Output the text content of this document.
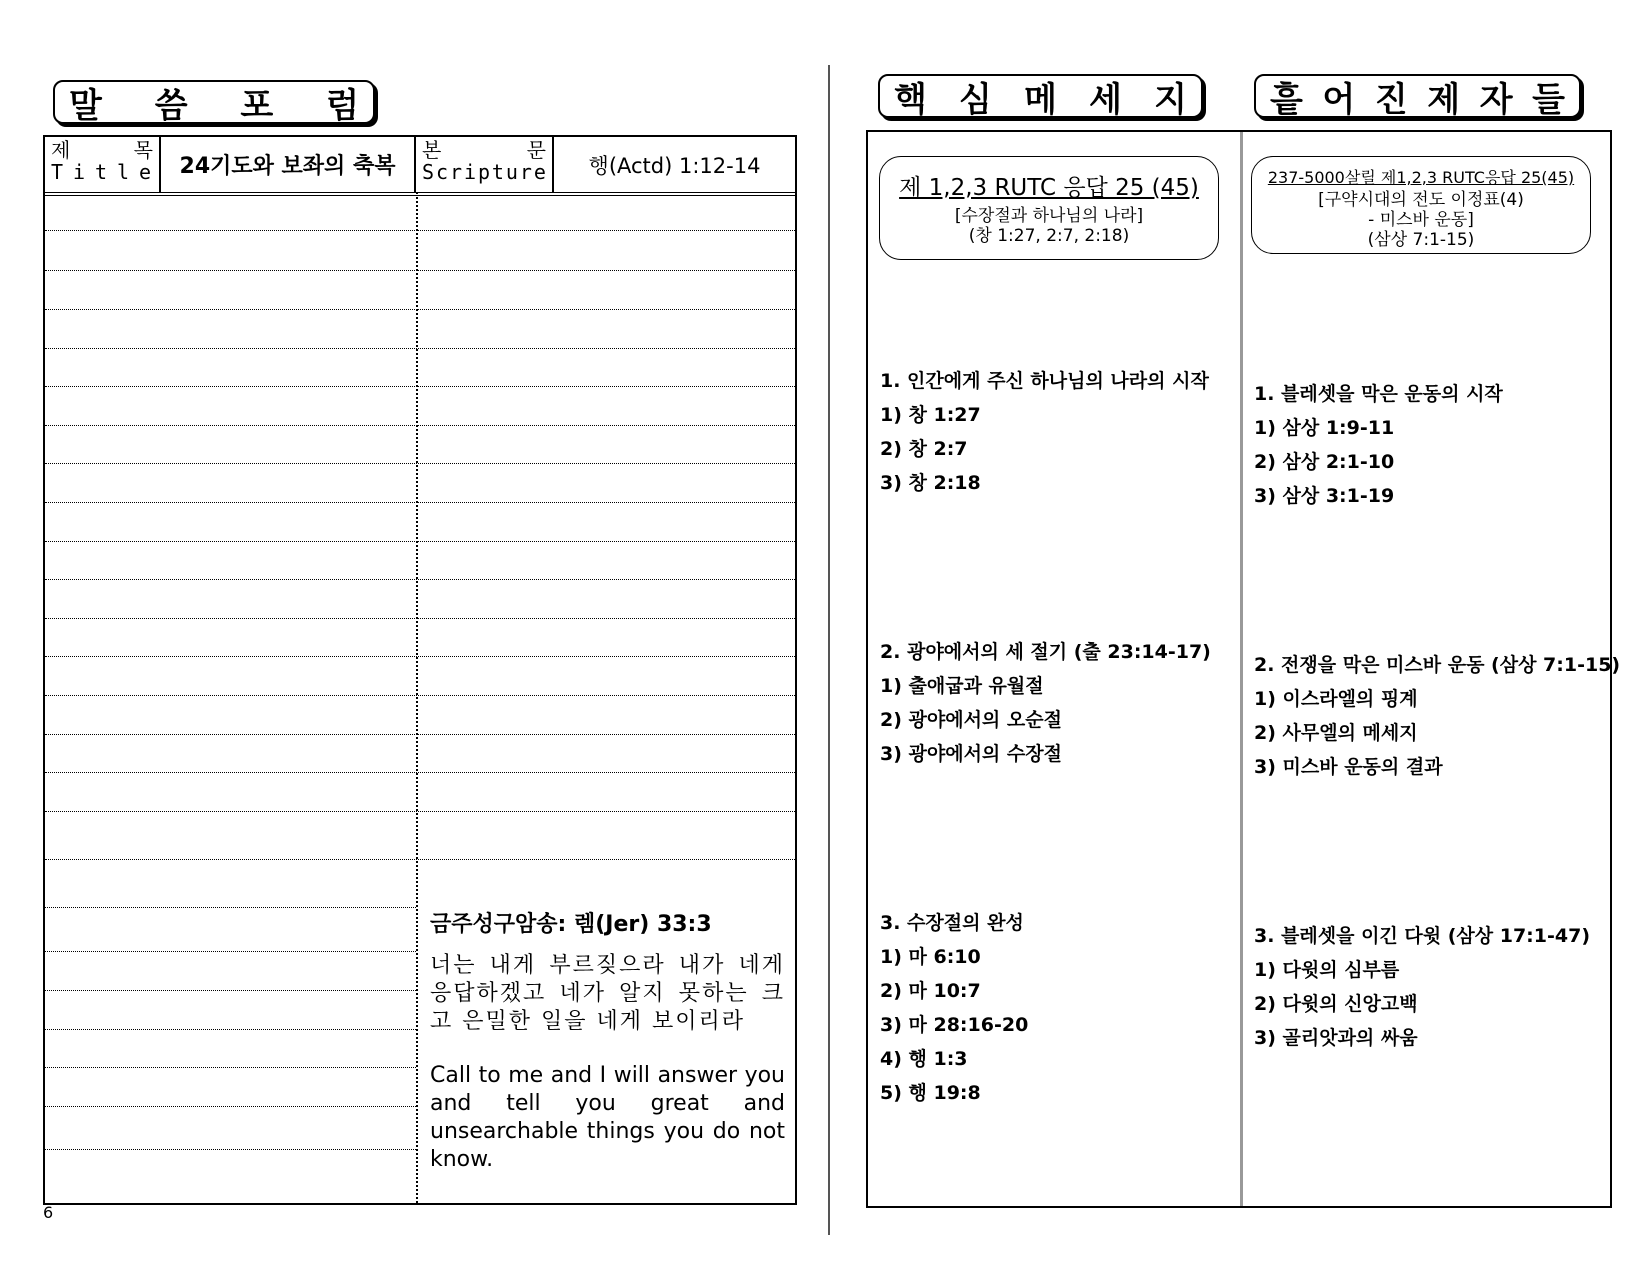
말 씀 포 럼
제	목
T i t l e	24기도와 보좌의 축복
본	문
S c r i p t u r e	행(Actd) 1:12-14
금주성구암송: 렘(Jer) 33:3
너는 내게 부르짖으라 내가 네게 응답하겠고 네가 알지 못하는 크고 은밀한 일을 네게 보이리라
Call to me and I will answer you and tell you great and unsearchable things you do not know.
6
핵 심 메 세 지 흩 어 진 제 자 들
제 1,2,3 RUTC 응답 25 (45)
[수장절과 하나님의 나라]
(창 1:27, 2:7, 2:18)
1. 인간에게 주신 하나님의 나라의 시작
1) 창 1:27
2) 창 2:7
3) 창 2:18
2. 광야에서의 세 절기 (출 23:14-17)
1) 출애굽과 유월절
2) 광야에서의 오순절
3) 광야에서의 수장절
3. 수장절의 완성
1) 마 6:10
2) 마 10:7
3) 마 28:16-20
4) 행 1:3
5) 행 19:8
237-5000살릴 제1,2,3 RUTC응답 25(45)
[구약시대의 전도 이정표(4)
- 미스바 운동]
(삼상 7:1-15)
1. 블레셋을 막은 운동의 시작
1) 삼상 1:9-11
2) 삼상 2:1-10
3) 삼상 3:1-19
2. 전쟁을 막은 미스바 운동 (삼상 7:1-15)
1) 이스라엘의 핑계
2) 사무엘의 메세지
3) 미스바 운동의 결과
3. 블레셋을 이긴 다윗 (삼상 17:1-47)
1) 다윗의 심부름
2) 다윗의 신앙고백
3) 골리앗과의 싸움
